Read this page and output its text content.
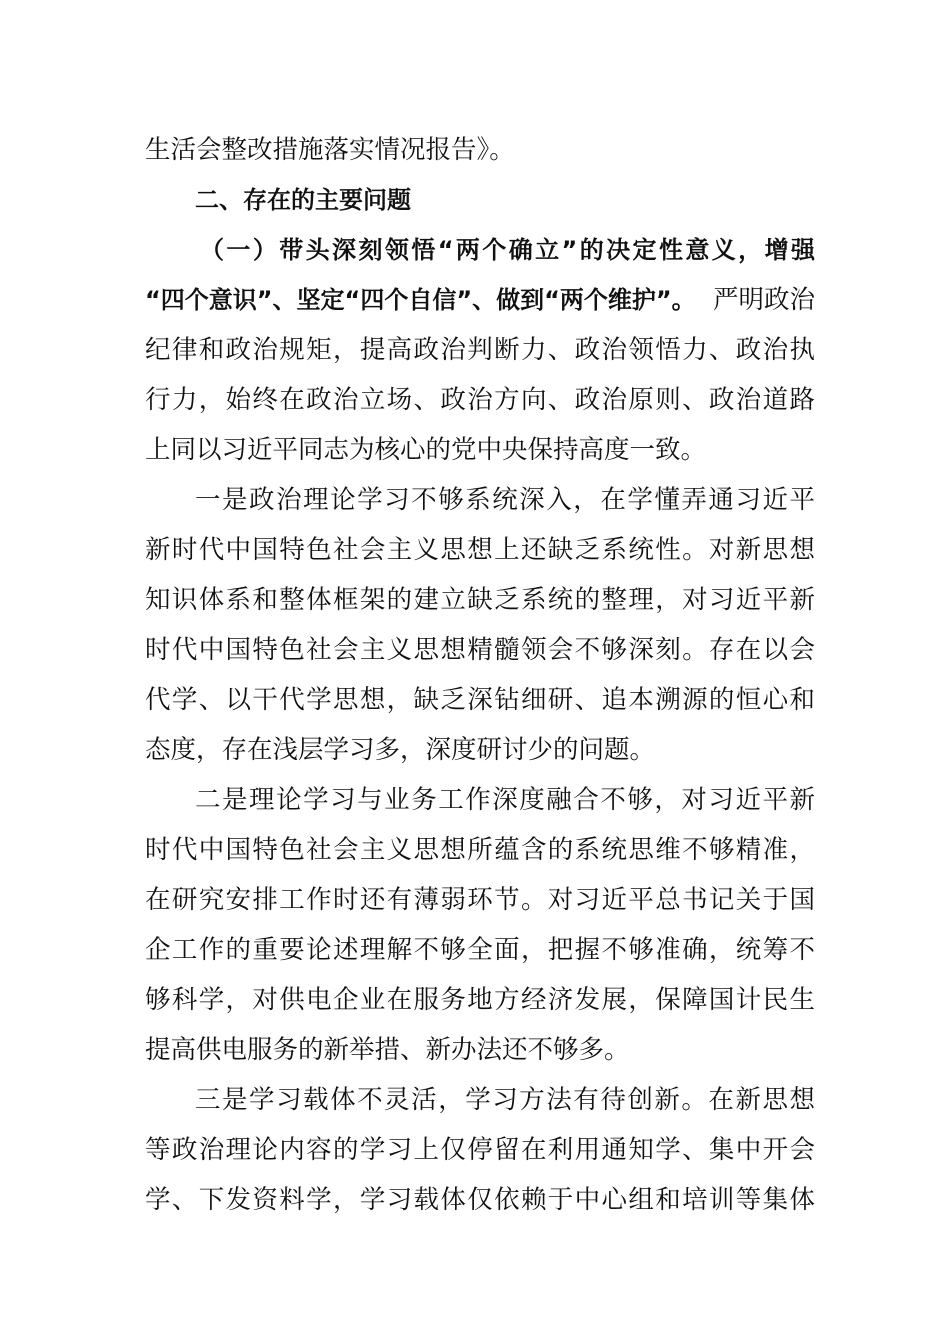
生活会整改措施落实情况报告》。
二、存在的主要问题
（一）带头深刻领悟“两个确立”的决定性意义，增强
“四个意识”、坚定“四个自信”、做到“两个维护”。 严明政治
纪律和政治规矩，提高政治判断力、政治领悟力、政治执
行力，始终在政治立场、政治方向、政治原则、政治道路
上同以习近平同志为核心的党中央保持高度一致。
一是政治理论学习不够系统深入，在学懂弄通习近平
新时代中国特色社会主义思想上还缺乏系统性。对新思想
知识体系和整体框架的建立缺乏系统的整理，对习近平新
时代中国特色社会主义思想精髓领会不够深刻。存在以会
代学、以干代学思想，缺乏深钻细研、追本溯源的恒心和
态度，存在浅层学习多，深度研讨少的问题。
二是理论学习与业务工作深度融合不够，对习近平新
时代中国特色社会主义思想所蕴含的系统思维不够精准，
在研究安排工作时还有薄弱环节。对习近平总书记关于国
企工作的重要论述理解不够全面，把握不够准确，统筹不
够科学，对供电企业在服务地方经济发展，保障国计民生
提高供电服务的新举措、新办法还不够多。
三是学习载体不灵活，学习方法有待创新。在新思想
等政治理论内容的学习上仅停留在利用通知学、集中开会
学、下发资料学，学习载体仅依赖于中心组和培训等集体
